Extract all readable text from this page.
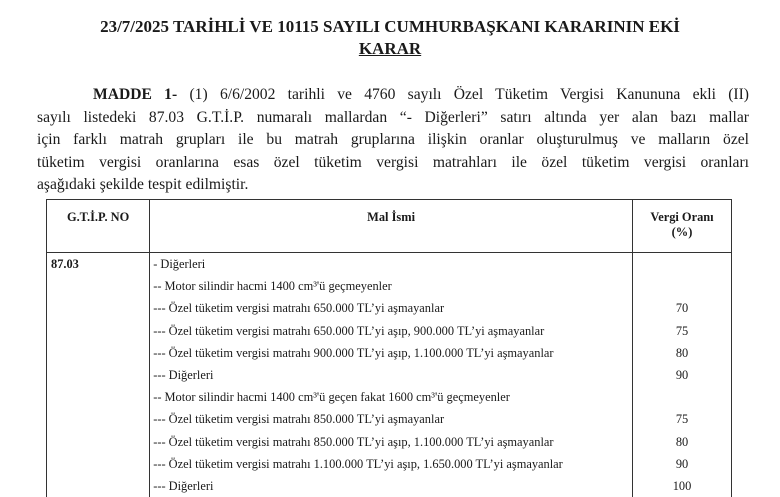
23/7/2025 TARİHLİ VE 10115 SAYILI CUMHURBAŞKANI KARARININ EKİ
KARAR
MADDE 1- (1) 6/6/2002 tarihli ve 4760 sayılı Özel Tüketim Vergisi Kanununa ekli (II)
sayılı listedeki 87.03 G.T.İ.P. numaralı mallardan “- Diğerleri” satırı altında yer alan bazı mallar
için farklı matrah grupları ile bu matrah gruplarına ilişkin oranlar oluşturulmuş ve malların özel
tüketim vergisi oranlarına esas özel tüketim vergisi matrahları ile özel tüketim vergisi oranları
aşağıdaki şekilde tespit edilmiştir.
G.T.İ.P. NO	Mal İsmi	Vergi Oranı
(%)

87.03	- Diğerleri	
	-- Motor silindir hacmi 1400 cm³'ü geçmeyenler	
	--- Özel tüketim vergisi matrahı 650.000 TL’yi aşmayanlar	70
	--- Özel tüketim vergisi matrahı 650.000 TL’yi aşıp, 900.000 TL’yi aşmayanlar	75
	--- Özel tüketim vergisi matrahı 900.000 TL’yi aşıp, 1.100.000 TL’yi aşmayanlar	80
	--- Diğerleri	90
	-- Motor silindir hacmi 1400 cm³'ü geçen fakat 1600 cm³'ü geçmeyenler	
	--- Özel tüketim vergisi matrahı 850.000 TL’yi aşmayanlar	75
	--- Özel tüketim vergisi matrahı 850.000 TL’yi aşıp, 1.100.000 TL’yi aşmayanlar	80
	--- Özel tüketim vergisi matrahı 1.100.000 TL’yi aşıp, 1.650.000 TL’yi aşmayanlar	90
	--- Diğerleri	100
